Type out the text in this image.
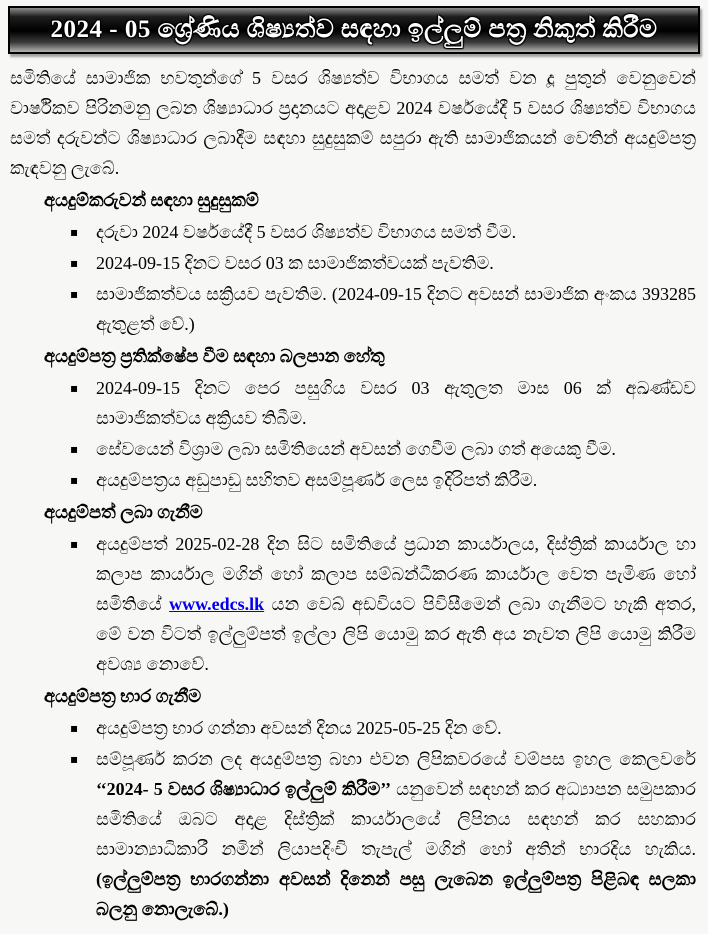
2024 - 05 ශ්‍රේණිය ශිෂ්‍යත්ව සඳහා ඉල්ලුම් පත්‍ර නිකුත් කිරීම

සමිතියේ සාමාජික භවතුන්ගේ 5 වසර ශිෂ්‍යත්ව විභාගය සමත් වන දූ පුතුන් වෙනුවෙන් වාර්ෂිකව පිරිනමනු ලබන ශිෂ්‍යාධාර ප්‍රදානයට අදාළව 2024 වර්ෂයේදී 5 වසර ශිෂ්‍යත්ව විභාගය සමත් දරුවන්ට ශිෂ්‍යාධාර ලබාදීම සඳහා සුදුසුකම් සපුරා ඇති සාමාජිකයන් වෙතින් අයදුම්පත්‍ර කැඳවනු ලැබේ.

අයදුම්කරුවන් සඳහා සුදුසුකම්
▪ දරුවා 2024 වර්ෂයේදී 5 වසර ශිෂ්‍යත්ව විභාගය සමත් වීම.
▪ 2024-09-15 දිනට වසර 03 ක සාමාජිකත්වයක් පැවතිම.
▪ සාමාජිකත්වය සක්‍රියව පැවතිම. (2024-09-15 දිනට අවසන් සාමාජික අංකය 393285 ඇතුළත් වේ.)
අයදුම්පත්‍ර ප්‍රතික්ෂේප වීම සඳහා බලපාන හේතු
▪ 2024-09-15 දිනට පෙර පසුගිය වසර 03 ඇතුලත මාස 06 ක් අඛණ්ඩව සාමාජිකත්වය අක්‍රියව තිබීම.
▪ සේවයෙන් විශ්‍රාම ලබා සමිතියෙන් අවසන් ගෙවීම ලබා ගත් අයෙකු වීම.
▪ අයදුම්පත්‍රය අඩුපාඩු සහිතව අසම්පූර්ණ ලෙස ඉදිරිපත් කිරීම.
අයදුම්පත් ලබා ගැනීම
▪ අයදුම්පත් 2025-02-28 දින සිට සමිතියේ ප්‍රධාන කාර්යාලය, දිස්ත්‍රික් කාර්යාල හා කලාප කාර්යාල මගින් හෝ කලාප සම්බන්ධීකරණ කාර්යාල වෙත පැමිණ හෝ සමිතියේ www.edcs.lk යන වෙබ් අඩවියට පිවිසීමෙන් ලබා ගැනීමට හැකි අතර, මේ වන විටත් ඉල්ලුම්පත් ඉල්ලා ලිපි යොමු කර ඇති අය නැවත ලිපි යොමු කිරීම අවශ්‍ය නොවේ.
අයදුම්පත්‍ර භාර ගැනීම
▪ අයදුම්පත්‍ර භාර ගන්නා අවසන් දිනය 2025-05-25 දින වේ.
▪ සම්පූර්ණ කරන ලද අයදුම්පත්‍ර බහා එවන ලිපිකවරයේ වම්පස ඉහල කෙලවරේ ‘‘2024- 5 වසර ශිෂ්‍යාධාර ඉල්ලුම් කිරීම’’ යනුවෙන් සඳහන් කර අධ්‍යාපන සමුපකාර සමිතියේ ඔබට අදාළ දිස්ත්‍රික් කාර්යාලයේ ලිපිනය සඳහන් කර සහකාර සාමාන්‍යාධිකාරී නමින් ලියාපදිංචි තැපැල් මගින් හෝ අතින් භාරදිය හැකිය. (ඉල්ලුම්පත්‍ර භාරගන්නා අවසන් දිනෙන් පසු ලැබෙන ඉල්ලුම්පත්‍ර පිළිබඳ සලකා බලනු නොලැබේ.)
